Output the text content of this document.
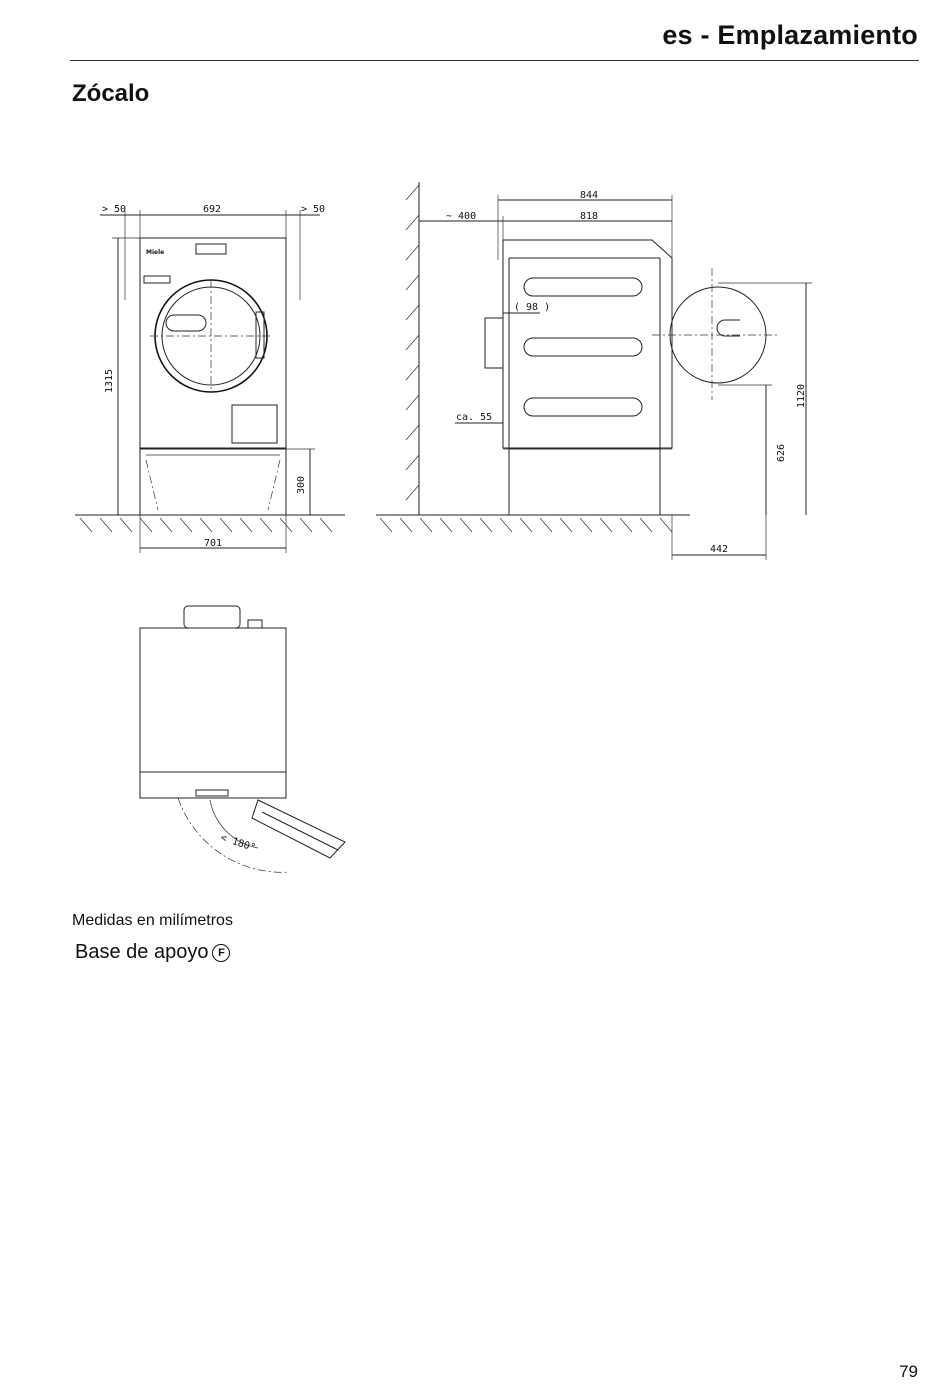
es - Emplazamiento
Zócalo
Miele
> 50	692	> 50
1315
300
701
844
~ 400	818
( 98 )
ca. 55
1120
626
442
< 180°
Medidas en milímetros
Base de apoyo F
79
